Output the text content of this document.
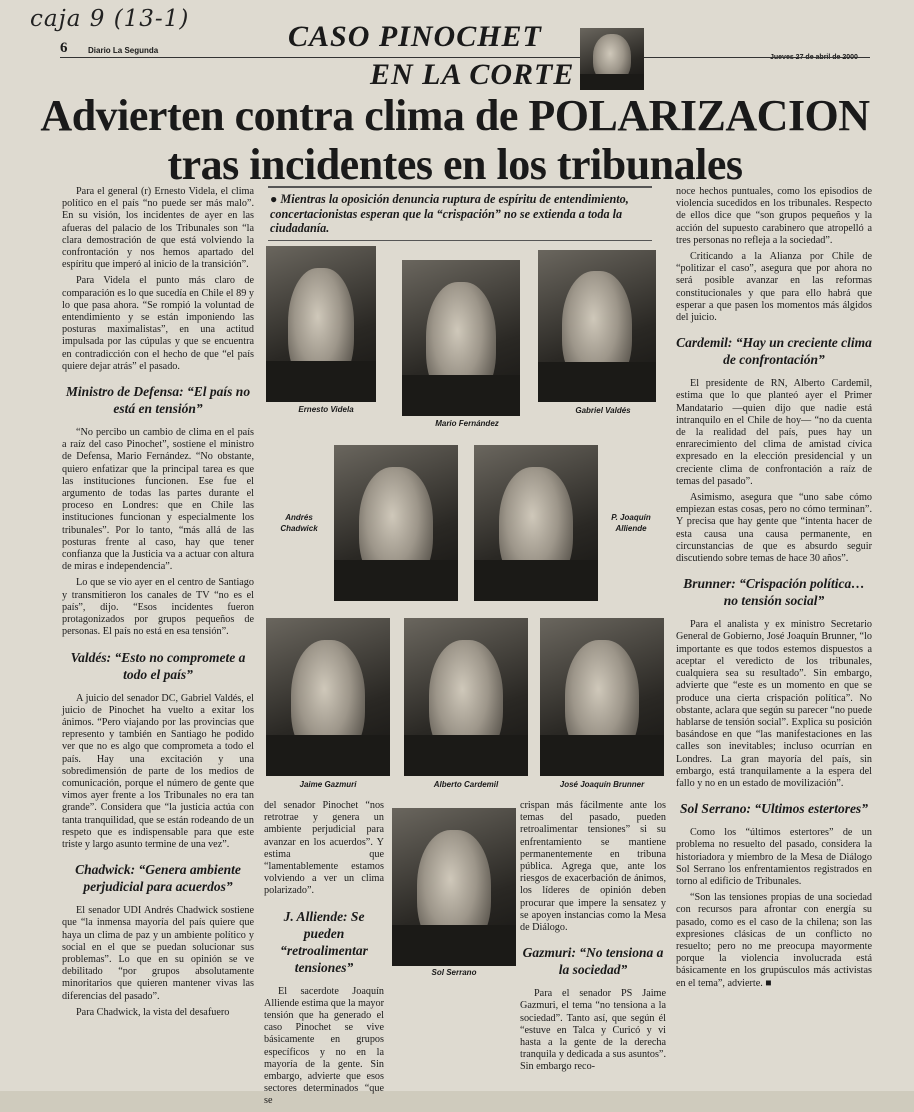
caja 9 (13-1)
6	Diario La Segunda
Jueves 27 de abril de 2000
CASO PINOCHET
EN LA CORTE
Advierten contra clima de POLARIZACION
tras incidentes en los tribunales
● Mientras la oposición denuncia ruptura de espíritu de entendimiento, concertacionistas esperan que la “crispación” no se extienda a toda la ciudadanía.
Ernesto Videla
Mario Fernández
Gabriel Valdés
Andrés Chadwick
P. Joaquín Alliende
Jaime Gazmuri	Alberto Cardemil	José Joaquín Brunner
Sol Serrano

Para el general (r) Ernesto Videla, el clima político en el país “no puede ser más malo”. En su visión, los incidentes de ayer en las afueras del palacio de los Tribunales son “la clara demostración de que está volviendo la confrontación y nos hemos apartado del espíritu que imperó al inicio de la transición”.

Para Videla el punto más claro de comparación es lo que sucedía en Chile el 89 y lo que pasa ahora. “Se rompió la voluntad de entendimiento y se están imponiendo las posturas maximalistas”, en una actitud impulsada por las cúpulas y que se encuentra en contradicción con el hecho de que “el país quiere dejar atrás” el pasado.

Ministro de Defensa: “El país no está en tensión”

“No percibo un cambio de clima en el país a raíz del caso Pinochet”, sostiene el ministro de Defensa, Mario Fernández. “No obstante, quiero enfatizar que la principal tarea es que las instituciones funcionen. Ese fue el argumento de todas las partes durante el proceso en Londres: que en Chile las instituciones funcionan y especialmente los tribunales”. Por lo tanto, “más allá de las posturas frente al caso, hay que tener confianza que la Justicia va a actuar con altura de miras e independencia”.

Lo que se vio ayer en el centro de Santiago y transmitieron los canales de TV “no es el país”, dijo. “Esos incidentes fueron protagonizados por grupos pequeños de personas. El país no está en esa tensión”.

Valdés: “Esto no compromete a todo el país”

A juicio del senador DC, Gabriel Valdés, el juicio de Pinochet ha vuelto a exitar los ánimos. “Pero viajando por las provincias que represento y también en Santiago he podido ver que no es algo que comprometa a todo el país. Hay una excitación y una sobredimensión de parte de los medios de comunicación, porque el número de gente que vimos ayer frente a los Tribunales no era tan grande”. Considera que “la justicia actúa con tanta tranquilidad, que se están rodeando de un respeto que es indispensable para que este triste y largo asunto termine de una vez”.

Chadwick: “Genera ambiente perjudicial para acuerdos”

El senador UDI Andrés Chadwick sostiene que “la inmensa mayoría del país quiere que haya un clima de paz y un ambiente político y social en el que se puedan solucionar sus problemas”. Lo que en su opinión se ve debilitado “por grupos absolutamente minoritarios que quieren mantener vivas las diferencias del pasado”.

Para Chadwick, la vista del desafuero

del senador Pinochet “nos retrotrae y genera un ambiente perjudicial para avanzar en los acuerdos”. Y estima que “lamentablemente estamos volviendo a ver un clima polarizado”.

J. Alliende: Se pueden “retroalimentar tensiones”

El sacerdote Joaquín Alliende estima que la mayor tensión que ha generado el caso Pinochet se vive básicamente en grupos específicos y no en la mayoría de la gente. Sin embargo, advierte que esos sectores determinados “que se

crispan más fácilmente ante los temas del pasado, pueden retroalimentar tensiones” si su enfrentamiento se mantiene permanentemente en tribuna pública. Agrega que, ante los riesgos de exacerbación de ánimos, los líderes de opinión deben procurar que impere la sensatez y se apoyen instancias como la Mesa de Diálogo.

Gazmuri: “No tensiona a la sociedad”

Para el senador PS Jaime Gazmuri, el tema “no tensiona a la sociedad”. Tanto así, que según él “estuve en Talca y Curicó y vi hasta a la gente de la derecha tranquila y dedicada a sus asuntos”. Sin embargo reco-

noce hechos puntuales, como los episodios de violencia sucedidos en los tribunales. Respecto de ellos dice que “son grupos pequeños y la acción del supuesto carabinero que atropelló a tres personas no refleja a la sociedad”.

Criticando a la Alianza por Chile de “politizar el caso”, asegura que por ahora no será posible avanzar en las reformas constitucionales y que para ello habrá que esperar a que pasen los momentos más álgidos del juicio.

Cardemil: “Hay un creciente clima de confrontación”

El presidente de RN, Alberto Cardemil, estima que lo que planteó ayer el Primer Mandatario —quien dijo que nadie está intranquilo en el Chile de hoy— “no da cuenta de la realidad del país, pues hay un enrarecimiento del clima de amistad cívica expresado en la elección presidencial y un creciente clima de confrontación a raíz de temas del pasado”.

Asimismo, asegura que “uno sabe cómo empiezan estas cosas, pero no cómo terminan”. Y precisa que hay gente que “intenta hacer de esta causa una causa permanente, en circunstancias de que es absurdo seguir discutiendo sobre temas de hace 30 años”.

Brunner: “Crispación política… no tensión social”

Para el analista y ex ministro Secretario General de Gobierno, José Joaquín Brunner, “lo importante es que todos estemos dispuestos a aceptar el veredicto de los tribunales, cualquiera sea su resultado”. Sin embargo, advierte que “este es un momento en que se produce una cierta crispación política”. No obstante, aclara que según su parecer “no puede hablarse de tensión social”. Explica su posición basándose en que “las manifestaciones en las calles son inevitables; incluso ocurrían en Londres. La gran mayoría del país, sin embargo, está tranquilamente a la espera del fallo y no en un estado de movilización”.

Sol Serrano: “Ultimos estertores”

Como los “últimos estertores” de un problema no resuelto del pasado, considera la historiadora y miembro de la Mesa de Diálogo Sol Serrano los enfrentamientos registrados en torno al edificio de Tribunales.

“Son las tensiones propias de una sociedad con recursos para afrontar con energía su pasado, como es el caso de la chilena; son las expresiones clásicas de un conflicto no resuelto; pero no me preocupa mayormente porque la violencia involucrada está básicamente en los grupúsculos más activistas en el tema”, advierte. ■
